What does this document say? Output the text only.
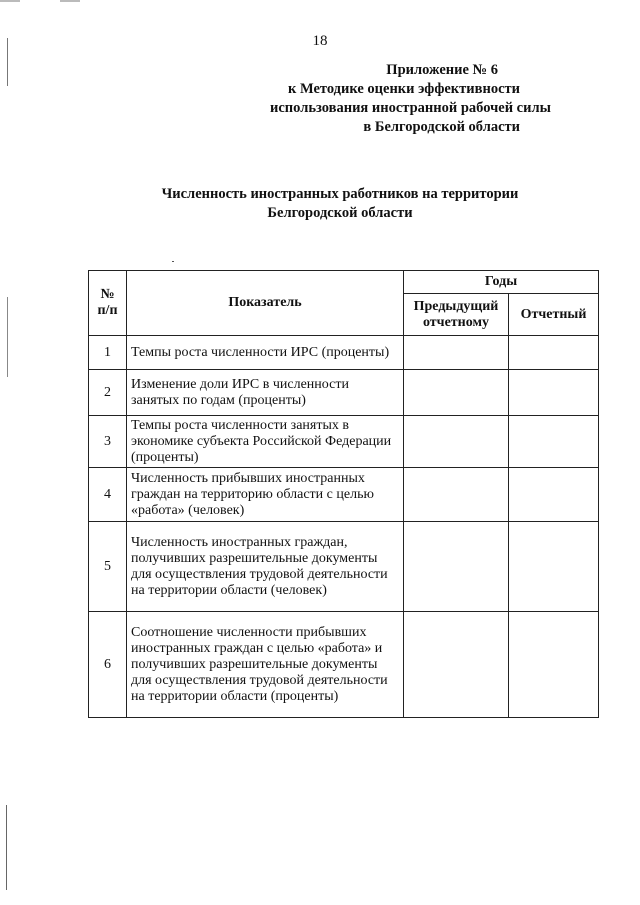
18
Приложение № 6
к Методике оценки эффективности
использования иностранной рабочей силы
в Белгородской области
Численность иностранных работников на территории
Белгородской области
№ п/п	Показатель	Годы	
		Предыдущий отчетному	Отчетный
1	Темпы роста численности ИРС (проценты)		
2	Изменение доли ИРС в численности занятых по годам (проценты)		
3	Темпы роста численности занятых в экономике субъекта Российской Федерации (проценты)		
4	Численность прибывших иностранных граждан на территорию области с целью «работа» (человек)		
5	Численность иностранных граждан, получивших разрешительные документы для осуществления трудовой деятельности на территории области (человек)		
6	Соотношение численности прибывших иностранных граждан с целью «работа» и получивших разрешительные документы для осуществления трудовой деятельности на территории области (проценты)		
